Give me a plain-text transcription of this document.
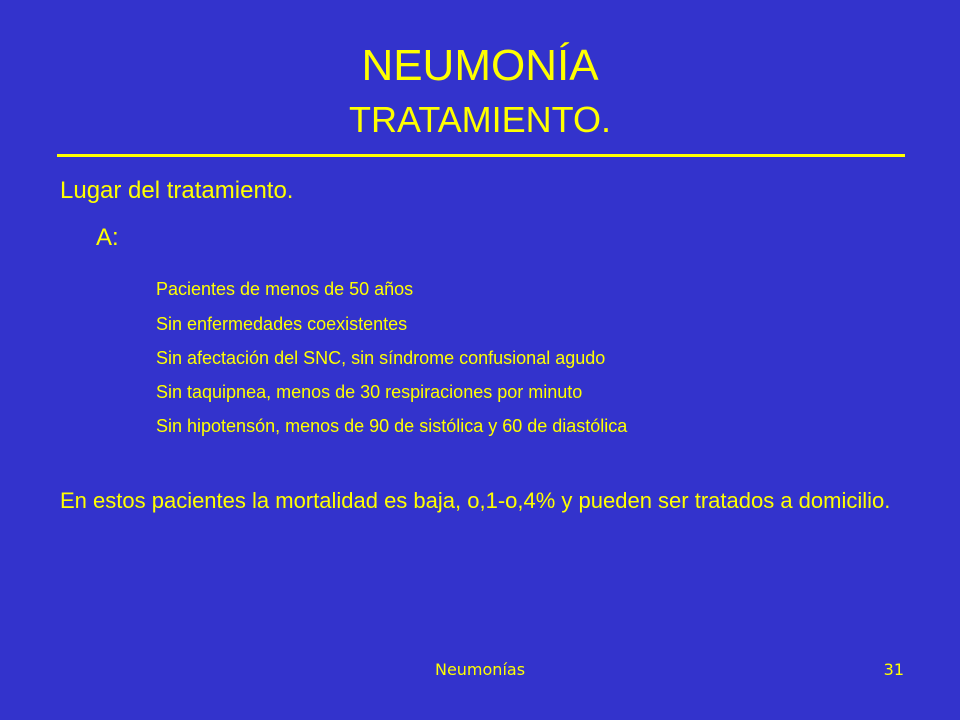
NEUMONÍA
TRATAMIENTO.

Lugar del tratamiento.

A:

Pacientes de menos de 50 años
Sin enfermedades coexistentes
Sin afectación del SNC, sin síndrome confusional agudo
Sin taquipnea, menos de 30 respiraciones por minuto
Sin hipotensón, menos de 90 de sistólica y 60 de diastólica

En estos pacientes la mortalidad es baja, o,1-o,4% y pueden ser tratados a domicilio.

Neumonías	31
